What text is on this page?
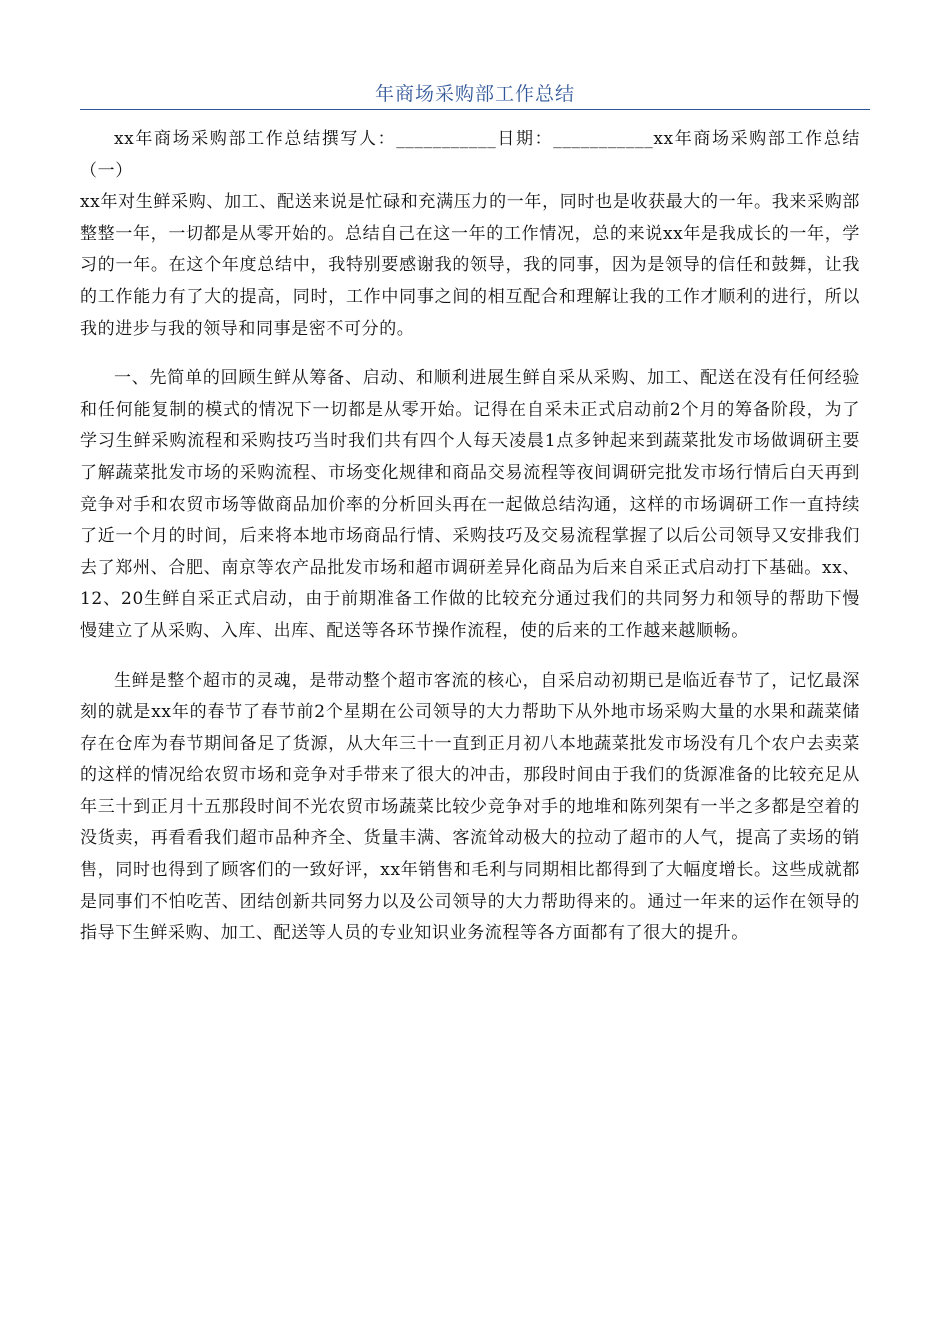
年商场采购部工作总结

xx年商场采购部工作总结撰写人：___________日期：___________xx年商场采购部工作总结（一）

xx年对生鲜采购、加工、配送来说是忙碌和充满压力的一年，同时也是收获最大的一年。我来采购部整整一年，一切都是从零开始的。总结自己在这一年的工作情况，总的来说xx年是我成长的一年，学习的一年。在这个年度总结中，我特别要感谢我的领导，我的同事，因为是领导的信任和鼓舞，让我的工作能力有了大的提高，同时，工作中同事之间的相互配合和理解让我的工作才顺利的进行，所以我的进步与我的领导和同事是密不可分的。

一、先简单的回顾生鲜从筹备、启动、和顺利进展生鲜自采从采购、加工、配送在没有任何经验和任何能复制的模式的情况下一切都是从零开始。记得在自采未正式启动前2个月的筹备阶段，为了学习生鲜采购流程和采购技巧当时我们共有四个人每天凌晨1点多钟起来到蔬菜批发市场做调研主要了解蔬菜批发市场的采购流程、市场变化规律和商品交易流程等夜间调研完批发市场行情后白天再到竞争对手和农贸市场等做商品加价率的分析回头再在一起做总结沟通，这样的市场调研工作一直持续了近一个月的时间，后来将本地市场商品行情、采购技巧及交易流程掌握了以后公司领导又安排我们去了郑州、合肥、南京等农产品批发市场和超市调研差异化商品为后来自采正式启动打下基础。xx、12、20生鲜自采正式启动，由于前期准备工作做的比较充分通过我们的共同努力和领导的帮助下慢慢建立了从采购、入库、出库、配送等各环节操作流程，使的后来的工作越来越顺畅。

生鲜是整个超市的灵魂，是带动整个超市客流的核心，自采启动初期已是临近春节了，记忆最深刻的就是xx年的春节了春节前2个星期在公司领导的大力帮助下从外地市场采购大量的水果和蔬菜储存在仓库为春节期间备足了货源，从大年三十一直到正月初八本地蔬菜批发市场没有几个农户去卖菜的这样的情况给农贸市场和竞争对手带来了很大的冲击，那段时间由于我们的货源准备的比较充足从年三十到正月十五那段时间不光农贸市场蔬菜比较少竞争对手的地堆和陈列架有一半之多都是空着的没货卖，再看看我们超市品种齐全、货量丰满、客流耸动极大的拉动了超市的人气，提高了卖场的销售，同时也得到了顾客们的一致好评，xx年销售和毛利与同期相比都得到了大幅度增长。这些成就都是同事们不怕吃苦、团结创新共同努力以及公司领导的大力帮助得来的。通过一年来的运作在领导的指导下生鲜采购、加工、配送等人员的专业知识业务流程等各方面都有了很大的提升。
